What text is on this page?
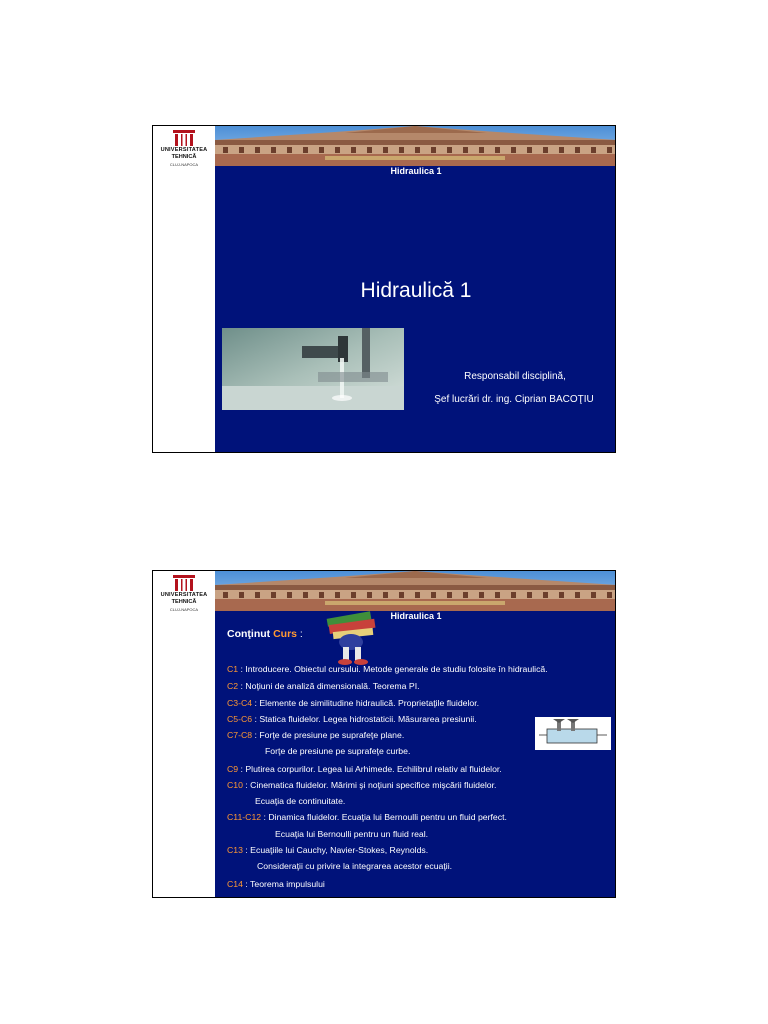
UNIVERSITATEA
TEHNICĂ
CLUJ-NAPOCA
Hidraulica 1
Hidraulică 1
Responsabil disciplină,
Şef lucrări dr. ing. Ciprian BACOŢIU
UNIVERSITATEA
TEHNICĂ
CLUJ-NAPOCA
Hidraulica 1
Conţinut Curs :
C1 : Introducere. Obiectul cursului. Metode generale de studiu folosite în hidraulică.
C2 : Noţiuni de analiză dimensională. Teorema PI.
C3-C4 : Elemente de similitudine hidraulică. Proprietaţile fluidelor.
C5-C6 : Statica fluidelor. Legea hidrostaticii. Măsurarea presiunii.
C7-C8 : Forţe de presiune pe suprafeţe plane.
Forţe de presiune pe suprafeţe curbe.
C9 : Plutirea corpurilor. Legea lui Arhimede. Echilibrul relativ al fluidelor.
C10 : Cinematica fluidelor. Mărimi şi noţiuni specifice mişcării fluidelor.
Ecuaţia de continuitate.
C11-C12 : Dinamica fluidelor. Ecuaţia lui Bernoulli pentru un fluid perfect.
Ecuaţia lui Bernoulli pentru un fluid real.
C13 : Ecuaţiile lui Cauchy, Navier-Stokes, Reynolds.
Consideraţii cu privire la integrarea acestor ecuaţii.
C14 : Teorema impulsului
